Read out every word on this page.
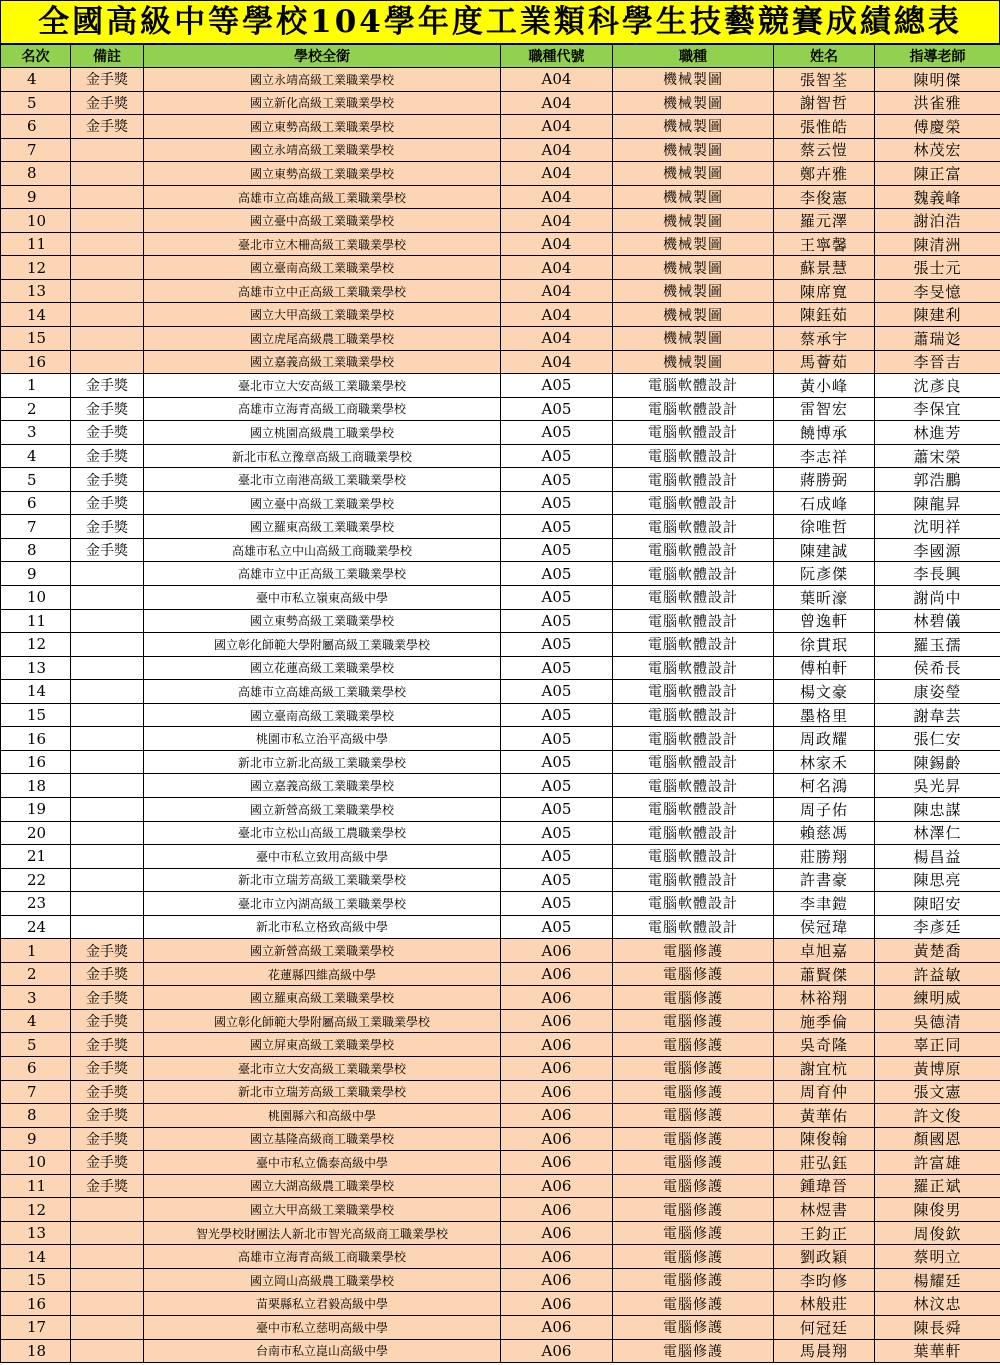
全國高級中等學校104學年度工業類科學生技藝競賽成績總表
名次	備註	學校全銜	職種代號	職種	姓名	指導老師
4	金手獎	國立永靖高級工業職業學校	A04	機械製圖	張智荃	陳明傑
5	金手獎	國立新化高級工業職業學校	A04	機械製圖	謝智哲	洪雀雅
6	金手獎	國立東勢高級工業職業學校	A04	機械製圖	張惟皓	傅慶榮
7		國立永靖高級工業職業學校	A04	機械製圖	蔡云愷	林茂宏
8		國立東勢高級工業職業學校	A04	機械製圖	鄭卉雅	陳正富
9		高雄市立高雄高級工業職業學校	A04	機械製圖	李俊憲	魏義峰
10		國立臺中高級工業職業學校	A04	機械製圖	羅元澤	謝泊浩
11		臺北市立木柵高級工業職業學校	A04	機械製圖	王寧馨	陳清洲
12		國立臺南高級工業職業學校	A04	機械製圖	蘇景慧	張士元
13		高雄市立中正高級工業職業學校	A04	機械製圖	陳席寬	李旻憶
14		國立大甲高級工業職業學校	A04	機械製圖	陳鈺茹	陳建利
15		國立虎尾高級農工職業學校	A04	機械製圖	蔡承宇	蕭瑞彣
16		國立嘉義高級工業職業學校	A04	機械製圖	馬薈茹	李晉吉
1	金手獎	臺北市立大安高級工業職業學校	A05	電腦軟體設計	黃小峰	沈彥良
2	金手獎	高雄市立海青高級工商職業學校	A05	電腦軟體設計	雷智宏	李保宜
3	金手獎	國立桃園高級農工職業學校	A05	電腦軟體設計	饒博承	林進芳
4	金手獎	新北市私立豫章高級工商職業學校	A05	電腦軟體設計	李志祥	蕭宋榮
5	金手獎	臺北市立南港高級工業職業學校	A05	電腦軟體設計	蔣勝弼	郭浩鵬
6	金手獎	國立臺中高級工業職業學校	A05	電腦軟體設計	石成峰	陳龍昇
7	金手獎	國立羅東高級工業職業學校	A05	電腦軟體設計	徐唯哲	沈明祥
8	金手獎	高雄市私立中山高級工商職業學校	A05	電腦軟體設計	陳建誠	李國源
9		高雄市立中正高級工業職業學校	A05	電腦軟體設計	阮彥傑	李長興
10		臺中市私立嶺東高級中學	A05	電腦軟體設計	葉昕濠	謝尚中
11		國立東勢高級工業職業學校	A05	電腦軟體設計	曾逸軒	林碧儀
12		國立彰化師範大學附屬高級工業職業學校	A05	電腦軟體設計	徐貫珉	羅玉孺
13		國立花蓮高級工業職業學校	A05	電腦軟體設計	傅柏軒	侯希長
14		高雄市立高雄高級工業職業學校	A05	電腦軟體設計	楊文豪	康姿瑩
15		國立臺南高級工業職業學校	A05	電腦軟體設計	墨格里	謝韋芸
16		桃園市私立治平高級中學	A05	電腦軟體設計	周政耀	張仁安
16		新北市立新北高級工業職業學校	A05	電腦軟體設計	林家禾	陳錫齡
18		國立嘉義高級工業職業學校	A05	電腦軟體設計	柯名鴻	吳光昇
19		國立新營高級工業職業學校	A05	電腦軟體設計	周子佑	陳忠謀
20		臺北市立松山高級工農職業學校	A05	電腦軟體設計	賴慈馮	林澤仁
21		臺中市私立致用高級中學	A05	電腦軟體設計	莊勝翔	楊昌益
22		新北市立瑞芳高級工業職業學校	A05	電腦軟體設計	許書豪	陳思亮
23		臺北市立內湖高級工業職業學校	A05	電腦軟體設計	李聿鎧	陳昭安
24		新北市私立格致高級中學	A05	電腦軟體設計	侯冠瑋	李彥廷
1	金手獎	國立新營高級工業職業學校	A06	電腦修護	卓旭嘉	黃楚喬
2	金手獎	花蓮縣四維高級中學	A06	電腦修護	蕭賢傑	許益敏
3	金手獎	國立羅東高級工業職業學校	A06	電腦修護	林裕翔	練明威
4	金手獎	國立彰化師範大學附屬高級工業職業學校	A06	電腦修護	施季倫	吳德清
5	金手獎	國立屏東高級工業職業學校	A06	電腦修護	吳奇隆	辜正同
6	金手獎	臺北市立大安高級工業職業學校	A06	電腦修護	謝宜杭	黃博原
7	金手獎	新北市立瑞芳高級工業職業學校	A06	電腦修護	周育仲	張文憲
8	金手獎	桃園縣六和高級中學	A06	電腦修護	黃華佑	許文俊
9	金手獎	國立基隆高級商工職業學校	A06	電腦修護	陳俊翰	顏國恩
10	金手獎	臺中市私立僑泰高級中學	A06	電腦修護	莊弘鈺	許富雄
11	金手獎	國立大湖高級農工職業學校	A06	電腦修護	鍾瑋晉	羅正斌
12		國立大甲高級工業職業學校	A06	電腦修護	林煜書	陳俊男
13		智光學校財團法人新北市智光高級商工職業學校	A06	電腦修護	王鈞正	周俊欽
14		高雄市立海青高級工商職業學校	A06	電腦修護	劉政穎	蔡明立
15		國立岡山高級農工職業學校	A06	電腦修護	李昀修	楊耀廷
16		苗栗縣私立君毅高級中學	A06	電腦修護	林般莊	林汶忠
17		臺中市私立慈明高級中學	A06	電腦修護	何冠廷	陳長舜
18		台南市私立崑山高級中學	A06	電腦修護	馬晨翔	葉華軒
